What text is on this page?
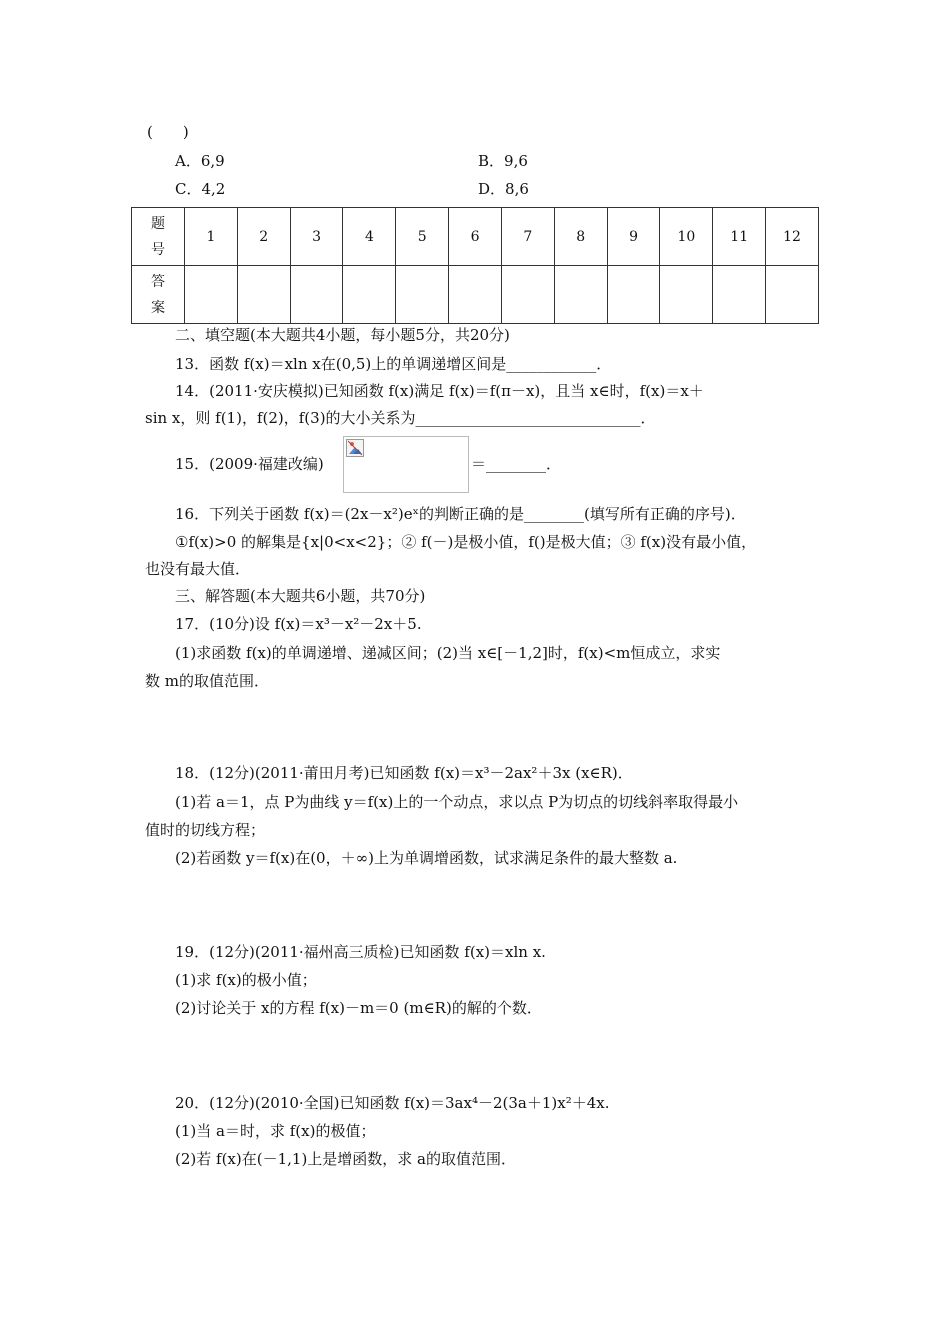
(　　)
A．6,9	B．9,6
C．4,2	D．8,6
题
号	1	2	3	4	5	6	7	8	9	10	11	12

答
案												

二、填空题(本大题共4小题，每小题5分，共20分)
13．函数 f(x)＝xln x在(0,5)上的单调递增区间是____________．
14．(2011·安庆模拟)已知函数 f(x)满足 f(x)＝f(π－x)，且当 x∈时，f(x)＝x＋
sin x，则 f(1)，f(2)，f(3)的大小关系为______________________________．
15．(2009·福建改编)	＝________．
16．下列关于函数 f(x)＝(2x－x²)eˣ的判断正确的是________(填写所有正确的序号)．
①f(x)>0 的解集是{x|0<x<2}；② f(－)是极小值，f()是极大值；③ f(x)没有最小值，
也没有最大值．
三、解答题(本大题共6小题，共70分)
17．(10分)设 f(x)＝x³－x²－2x＋5.
(1)求函数 f(x)的单调递增、递减区间；(2)当 x∈[－1,2]时，f(x)<m恒成立，求实
数 m的取值范围．
18．(12分)(2011·莆田月考)已知函数 f(x)＝x³－2ax²＋3x (x∈R)．
(1)若 a＝1，点 P为曲线 y＝f(x)上的一个动点，求以点 P为切点的切线斜率取得最小
值时的切线方程；
(2)若函数 y＝f(x)在(0，＋∞)上为单调增函数，试求满足条件的最大整数 a.
19．(12分)(2011·福州高三质检)已知函数 f(x)＝xln x.
(1)求 f(x)的极小值；
(2)讨论关于 x的方程 f(x)－m＝0 (m∈R)的解的个数．
20．(12分)(2010·全国)已知函数 f(x)＝3ax⁴－2(3a＋1)x²＋4x.
(1)当 a＝时，求 f(x)的极值；
(2)若 f(x)在(－1,1)上是增函数，求 a的取值范围．
